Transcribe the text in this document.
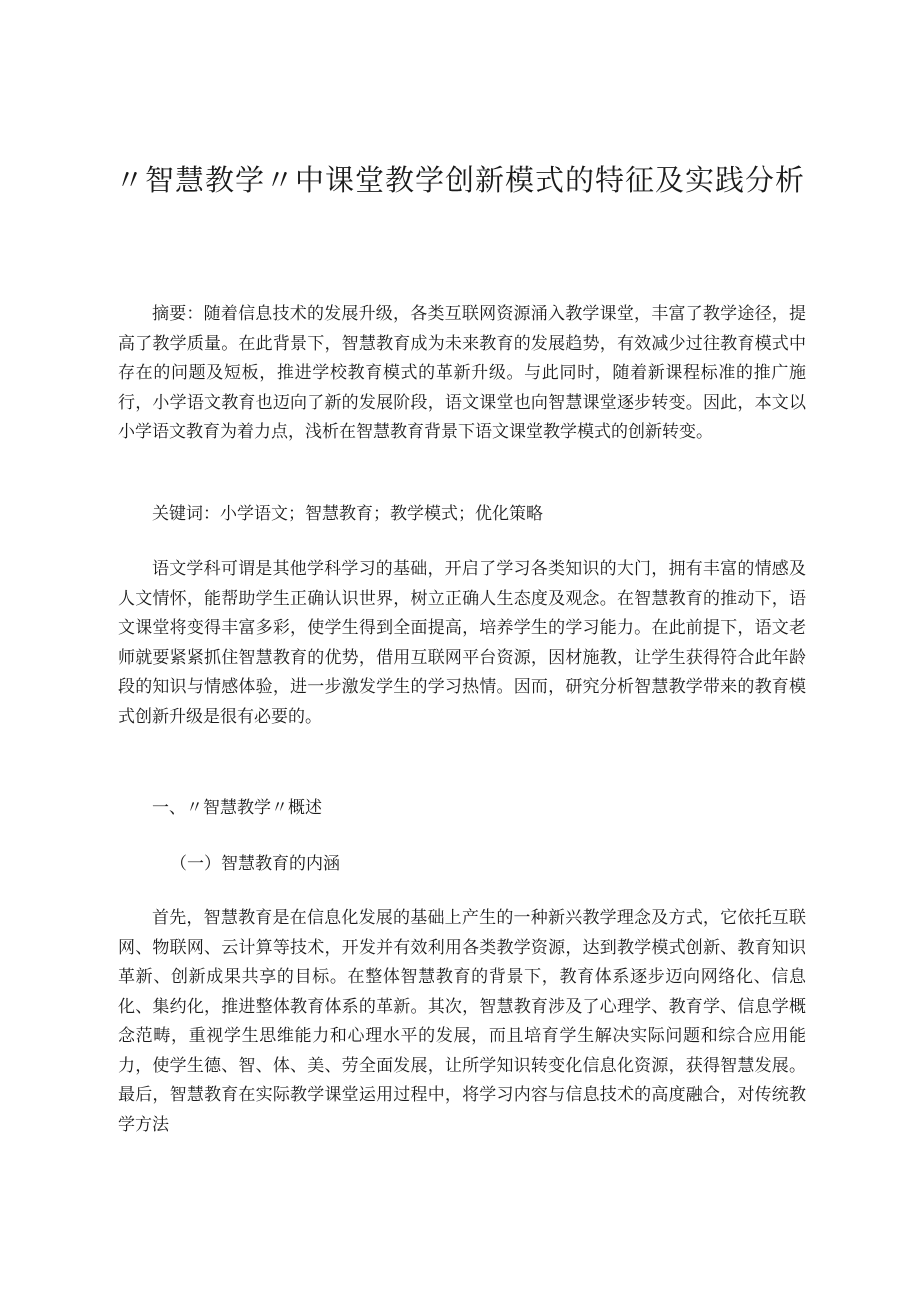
〃智慧教学〃中课堂教学创新模式的特征及实践分析

摘要：随着信息技术的发展升级，各类互联网资源涌入教学课堂，丰富了教学途径，提高了教学质量。在此背景下，智慧教育成为未来教育的发展趋势，有效减少过往教育模式中存在的问题及短板，推进学校教育模式的革新升级。与此同时，随着新课程标准的推广施行，小学语文教育也迈向了新的发展阶段，语文课堂也向智慧课堂逐步转变。因此，本文以小学语文教育为着力点，浅析在智慧教育背景下语文课堂教学模式的创新转变。

关键词：小学语文；智慧教育；教学模式；优化策略

语文学科可谓是其他学科学习的基础，开启了学习各类知识的大门，拥有丰富的情感及人文情怀，能帮助学生正确认识世界，树立正确人生态度及观念。在智慧教育的推动下，语文课堂将变得丰富多彩，使学生得到全面提高，培养学生的学习能力。在此前提下，语文老师就要紧紧抓住智慧教育的优势，借用互联网平台资源，因材施教，让学生获得符合此年龄段的知识与情感体验，进一步激发学生的学习热情。因而，研究分析智慧教学带来的教育模式创新升级是很有必要的。

一、〃智慧教学〃概述

（一）智慧教育的内涵

首先，智慧教育是在信息化发展的基础上产生的一种新兴教学理念及方式，它依托互联网、物联网、云计算等技术，开发并有效利用各类教学资源，达到教学模式创新、教育知识革新、创新成果共享的目标。在整体智慧教育的背景下，教育体系逐步迈向网络化、信息化、集约化，推进整体教育体系的革新。其次，智慧教育涉及了心理学、教育学、信息学概念范畴，重视学生思维能力和心理水平的发展，而且培育学生解决实际问题和综合应用能力，使学生德、智、体、美、劳全面发展，让所学知识转变化信息化资源，获得智慧发展。最后，智慧教育在实际教学课堂运用过程中，将学习内容与信息技术的高度融合，对传统教学方法
